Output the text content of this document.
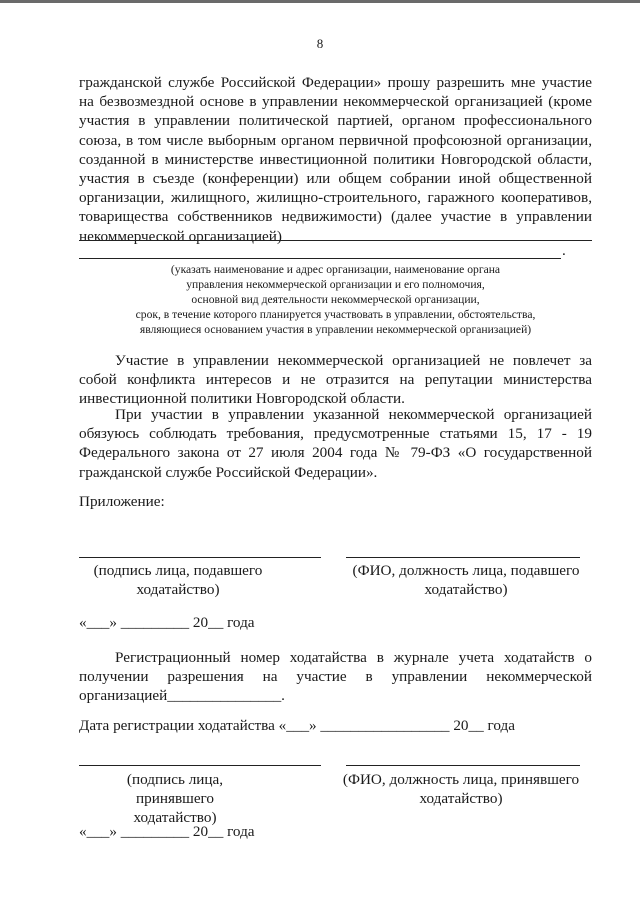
8
гражданской службе Российской Федерации» прошу разрешить мне участие на безвозмездной основе в управлении некоммерческой организацией (кроме участия в управлении политической партией, органом профессионального союза, в том числе выборным органом первичной профсоюзной организации, созданной в министерстве инвестиционной политики Новгородской области, участия в съезде (конференции) или общем собрании иной общественной организации, жилищного, жилищно-строительного, гаражного кооперативов, товарищества собственников недвижимости) (далее участие в управлении некоммерческой организацией)
.
(указать наименование и адрес организации, наименование органа
управления некоммерческой организации и его полномочия,
основной вид деятельности некоммерческой организации,
срок, в течение которого планируется участвовать в управлении, обстоятельства,
являющиеся основанием участия в управлении некоммерческой организацией)
Участие в управлении некоммерческой организацией не повлечет за собой конфликта интересов и не отразится на репутации министерства инвестиционной политики Новгородской области.
При участии в управлении указанной некоммерческой организацией обязуюсь соблюдать требования, предусмотренные статьями 15, 17 - 19 Федерального закона от 27 июля 2004 года № 79-ФЗ «О государственной гражданской службе Российской Федерации».
Приложение:
(подпись лица, подавшего ходатайство)
(ФИО, должность лица, подавшего ходатайство)
«___» _________ 20__ года
Регистрационный номер ходатайства в журнале учета ходатайств о получении разрешения на участие в управлении некоммерческой организацией_______________.
Дата регистрации ходатайства «___» _________________ 20__ года
(подпись лица, принявшего ходатайство)
(ФИО, должность лица, принявшего ходатайство)
«___» _________ 20__ года
